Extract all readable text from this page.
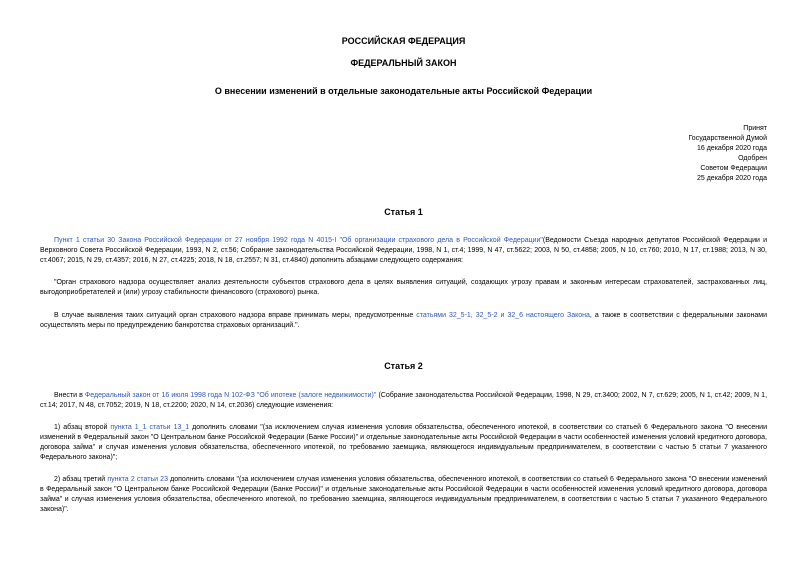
РОССИЙСКАЯ ФЕДЕРАЦИЯ
ФЕДЕРАЛЬНЫЙ ЗАКОН
О внесении изменений в отдельные законодательные акты Российской Федерации
Принят
Государственной Думой
16 декабря 2020 года
Одобрен
Советом Федерации
25 декабря 2020 года
Статья 1
Пункт 1 статьи 30 Закона Российской Федерации от 27 ноября 1992 года N 4015-I "Об организации страхового дела в Российской Федерации"(Ведомости Съезда народных депутатов Российской Федерации и Верховного Совета Российской Федерации, 1993, N 2, ст.56; Собрание законодательства Российской Федерации, 1998, N 1, ст.4; 1999, N 47, ст.5622; 2003, N 50, ст.4858; 2005, N 10, ст.760; 2010, N 17, ст.1988; 2013, N 30, ст.4067; 2015, N 29, ст.4357; 2016, N 27, ст.4225; 2018, N 18, ст.2557; N 31, ст.4840) дополнить абзацами следующего содержания:
"Орган страхового надзора осуществляет анализ деятельности субъектов страхового дела в целях выявления ситуаций, создающих угрозу правам и законным интересам страхователей, застрахованных лиц, выгодоприобретателей и (или) угрозу стабильности финансового (страхового) рынка.
В случае выявления таких ситуаций орган страхового надзора вправе принимать меры, предусмотренные статьями 32_5-1, 32_5-2 и 32_6 настоящего Закона, а также в соответствии с федеральными законами осуществлять меры по предупреждению банкротства страховых организаций.".
Статья 2
Внести в Федеральный закон от 16 июля 1998 года N 102-ФЗ "Об ипотеке (залоге недвижимости)" (Собрание законодательства Российской Федерации, 1998, N 29, ст.3400; 2002, N 7, ст.629; 2005, N 1, ст.42; 2009, N 1, ст.14; 2017, N 48, ст.7052; 2019, N 18, ст.2200; 2020, N 14, ст.2036) следующие изменения:
1) абзац второй пункта 1_1 статьи 13_1 дополнить словами "(за исключением случая изменения условия обязательства, обеспеченного ипотекой, в соответствии со статьей 6 Федерального закона "О внесении изменений в Федеральный закон "О Центральном банке Российской Федерации (Банке России)" и отдельные законодательные акты Российской Федерации в части особенностей изменения условий кредитного договора, договора займа" и случая изменения условия обязательства, обеспеченного ипотекой, по требованию заемщика, являющегося индивидуальным предпринимателем, в соответствии с частью 5 статьи 7 указанного Федерального закона)";
2) абзац третий пункта 2 статьи 23 дополнить словами "(за исключением случая изменения условия обязательства, обеспеченного ипотекой, в соответствии со статьей 6 Федерального закона "О внесении изменений в Федеральный закон "О Центральном банке Российской Федерации (Банке России)" и отдельные законодательные акты Российской Федерации в части особенностей изменения условий кредитного договора, договора займа" и случая изменения условия обязательства, обеспеченного ипотекой, по требованию заемщика, являющегося индивидуальным предпринимателем, в соответствии с частью 5 статьи 7 указанного Федерального закона)".
